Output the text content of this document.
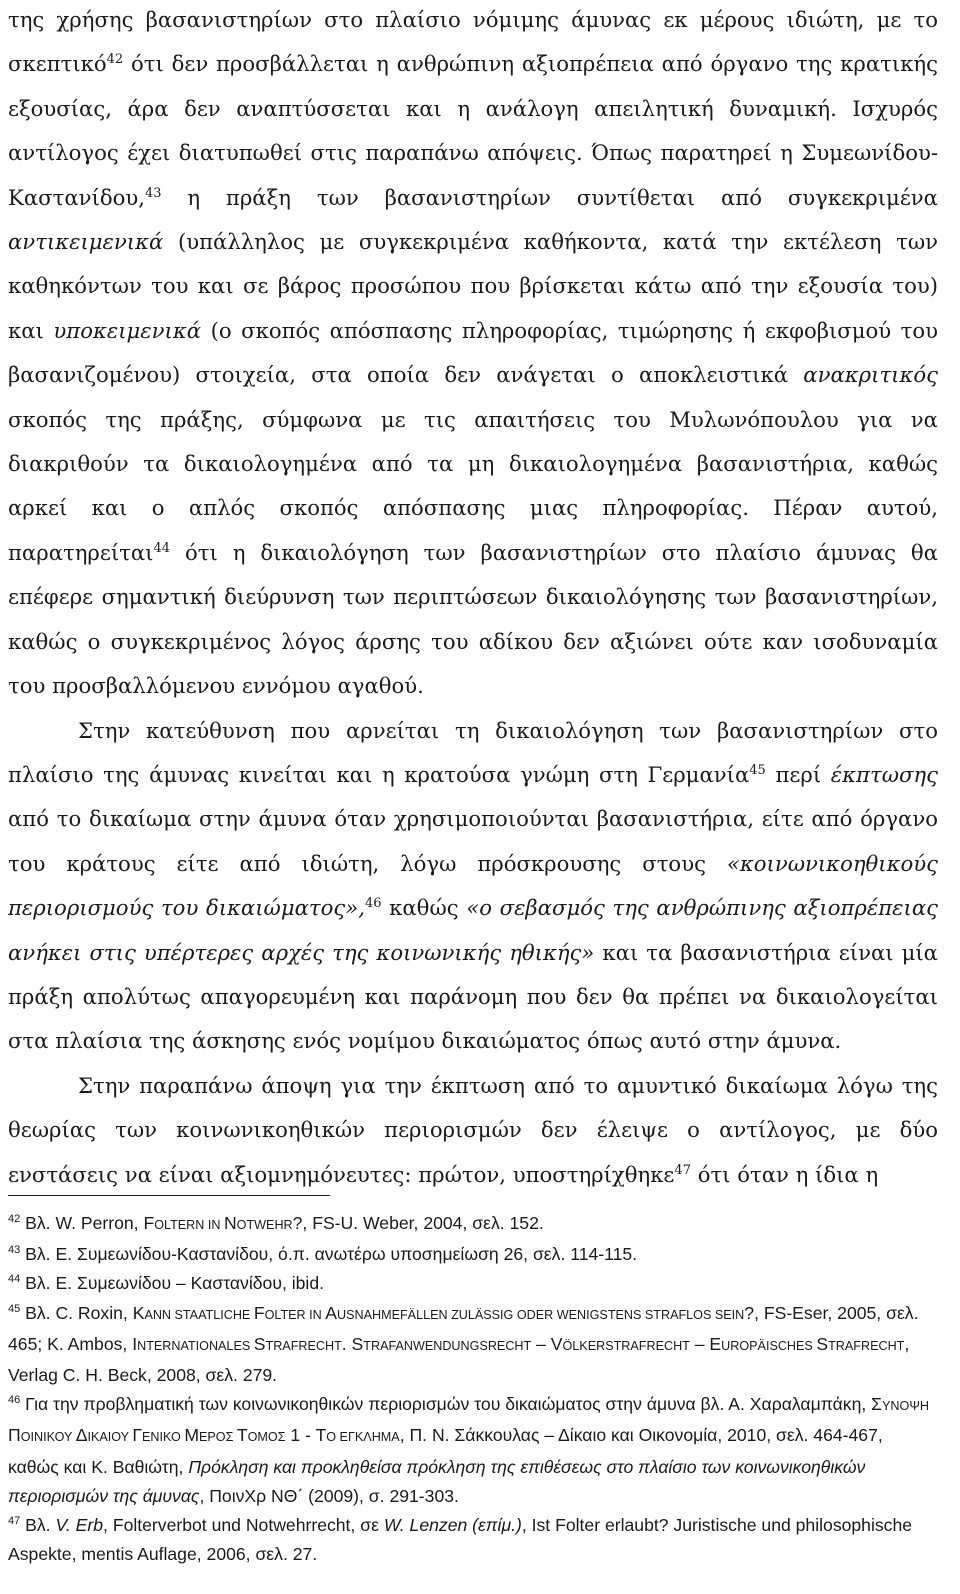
της χρήσης βασανιστηρίων στο πλαίσιο νόμιμης άμυνας εκ μέρους ιδιώτη, με το σκεπτικό$^{42}$ ότι δεν προσβάλλεται η ανθρώπινη αξιοπρέπεια από όργανο της κρατικής εξουσίας, άρα δεν αναπτύσσεται και η ανάλογη απειλητική δυναμική. Ισχυρός αντίλογος έχει διατυπωθεί στις παραπάνω απόψεις. Όπως παρατηρεί η Συμεωνίδου-Καστανίδου,$^{43}$ η πράξη των βασανιστηρίων συντίθεται από συγκεκριμένα αντικειμενικά (υπάλληλος με συγκεκριμένα καθήκοντα, κατά την εκτέλεση των καθηκόντων του και σε βάρος προσώπου που βρίσκεται κάτω από την εξουσία του) και υποκειμενικά (ο σκοπός απόσπασης πληροφορίας, τιμώρησης ή εκφοβισμού του βασανιζομένου) στοιχεία, στα οποία δεν ανάγεται ο αποκλειστικά ανακριτικός σκοπός της πράξης, σύμφωνα με τις απαιτήσεις του Μυλωνόπουλου για να διακριθούν τα δικαιολογημένα από τα μη δικαιολογημένα βασανιστήρια, καθώς αρκεί και ο απλός σκοπός απόσπασης μιας πληροφορίας. Πέραν αυτού, παρατηρείται$^{44}$ ότι η δικαιολόγηση των βασανιστηρίων στο πλαίσιο άμυνας θα επέφερε σημαντική διεύρυνση των περιπτώσεων δικαιολόγησης των βασανιστηρίων, καθώς ο συγκεκριμένος λόγος άρσης του αδίκου δεν αξιώνει ούτε καν ισοδυναμία του προσβαλλόμενου εννόμου αγαθού.

Στην κατεύθυνση που αρνείται τη δικαιολόγηση των βασανιστηρίων στο πλαίσιο της άμυνας κινείται και η κρατούσα γνώμη στη Γερμανία$^{45}$ περί έκπτωσης από το δικαίωμα στην άμυνα όταν χρησιμοποιούνται βασανιστήρια, είτε από όργανο του κράτους είτε από ιδιώτη, λόγω πρόσκρουσης στους «κοινωνικοηθικούς περιορισμούς του δικαιώματος»,$^{46}$ καθώς «ο σεβασμός της ανθρώπινης αξιοπρέπειας ανήκει στις υπέρτερες αρχές της κοινωνικής ηθικής» και τα βασανιστήρια είναι μία πράξη απολύτως απαγορευμένη και παράνομη που δεν θα πρέπει να δικαιολογείται στα πλαίσια της άσκησης ενός νομίμου δικαιώματος όπως αυτό στην άμυνα.

Στην παραπάνω άποψη για την έκπτωση από το αμυντικό δικαίωμα λόγω της θεωρίας των κοινωνικοηθικών περιορισμών δεν έλειψε ο αντίλογος, με δύο ενστάσεις να είναι αξιομνημόνευτες: πρώτον, υποστηρίχθηκε$^{47}$ ότι όταν η ίδια η

$^{42}$ Βλ. W. Perron, FOLTERN IN NOTWEHR?, FS-U. Weber, 2004, σελ. 152.

$^{43}$ Βλ. Ε. Συμεωνίδου-Καστανίδου, ό.π. ανωτέρω υποσημείωση 26, σελ. 114-115.

$^{44}$ Βλ. Ε. Συμεωνίδου – Καστανίδου, ibid.

$^{45}$ Βλ. C. Roxin, KANN STAATLICHE FOLTER IN AUSNAHMEFÄLLEN ZULÄSSIG ODER WENIGSTENS STRAFLOS SEIN?, FS-Eser, 2005, σελ. 465; K. Ambos, INTERNATIONALES STRAFRECHT. STRAFANWENDUNGSRECHT – VÖLKERSTRAFRECHT – EUROPÄISCHES STRAFRECHT, Verlag C. H. Beck, 2008, σελ. 279.

$^{46}$ Για την προβληματική των κοινωνικοηθικών περιορισμών του δικαιώματος στην άμυνα βλ. Α. Χαραλαμπάκη, ΣΥΝΟΨΗ ΠΟΙΝΙΚΟΥ ΔΙΚΑΙΟΥ ΓΕΝΙΚΟ ΜΕΡΟΣ ΤΟΜΟΣ 1 - ΤΟ ΕΓΚΛΗΜΑ, Π. Ν. Σάκκουλας – Δίκαιο και Οικονομία, 2010, σελ. 464-467, καθώς και Κ. Βαθιώτη, Πρόκληση και προκληθείσα πρόκληση της επιθέσεως στο πλαίσιο των κοινωνικοηθικών περιορισμών της άμυνας, ΠοινΧρ ΝΘ΄ (2009), σ. 291-303.

$^{47}$ Βλ. V. Erb, Folterverbot und Notwehrrecht, σε W. Lenzen (επίμ.), Ist Folter erlaubt? Juristische und philosophische Aspekte, mentis Auflage, 2006, σελ. 27.
